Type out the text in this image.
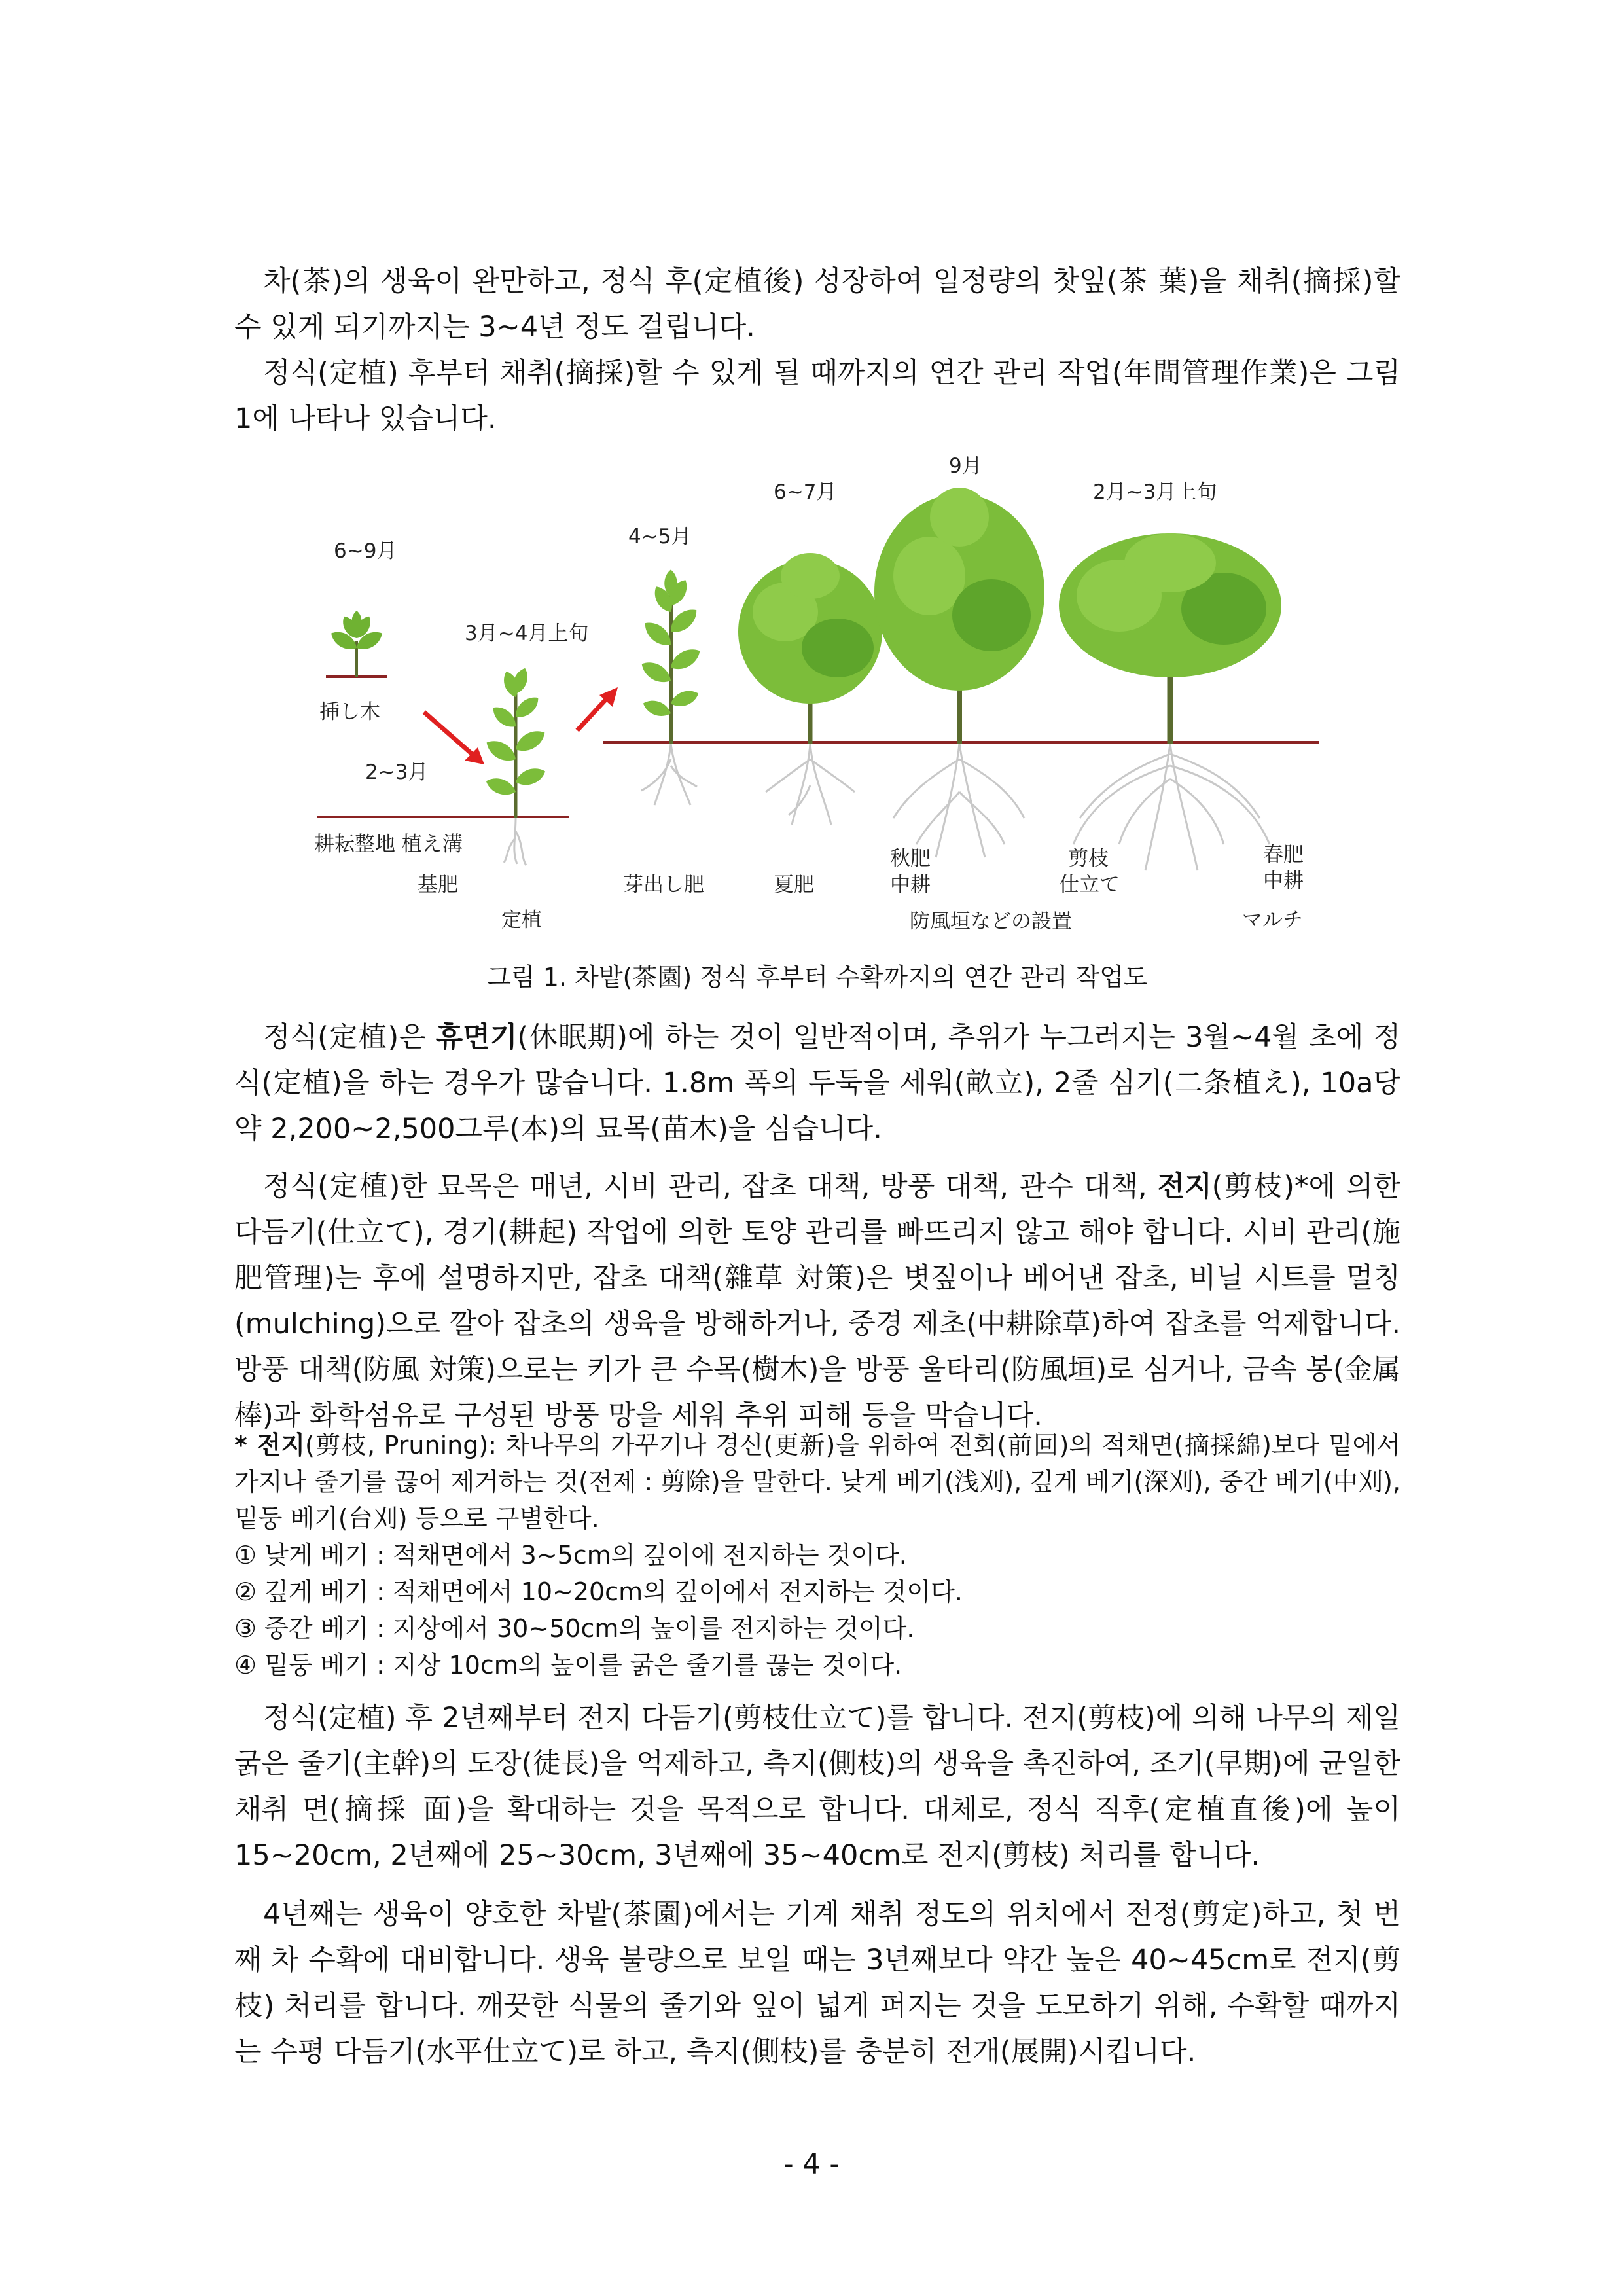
차(茶)의 생육이 완만하고, 정식 후(定植後) 성장하여 일정량의 찻잎(茶 葉)을 채취(摘採)할 수 있게 되기까지는 3~4년 정도 걸립니다.

정식(定植) 후부터 채취(摘採)할 수 있게 될 때까지의 연간 관리 작업(年間管理作業)은 그림 1에 나타나 있습니다.

6~9月
挿し木
2~3月
耕耘整地 植え溝
基肥
3月~4月上旬
定植
4~5月
芽出し肥
6~7月
夏肥
9月
秋肥
中耕
防風垣などの設置
2月~3月上旬
剪枝
仕立て
春肥
中耕
マルチ

그림 1. 차밭(茶園) 정식 후부터 수확까지의 연간 관리 작업도

정식(定植)은 휴면기(休眠期)에 하는 것이 일반적이며, 추위가 누그러지는 3월~4월 초에 정식(定植)을 하는 경우가 많습니다. 1.8m 폭의 두둑을 세워(畝立), 2줄 심기(二条植え), 10a당 약 2,200~2,500그루(本)의 묘목(苗木)을 심습니다.

정식(定植)한 묘목은 매년, 시비 관리, 잡초 대책, 방풍 대책, 관수 대책, 전지(剪枝)*에 의한 다듬기(仕立て), 경기(耕起) 작업에 의한 토양 관리를 빠뜨리지 않고 해야 합니다. 시비 관리(施肥管理)는 후에 설명하지만, 잡초 대책(雜草 対策)은 볏짚이나 베어낸 잡초, 비닐 시트를 멀칭(mulching)으로 깔아 잡초의 생육을 방해하거나, 중경 제초(中耕除草)하여 잡초를 억제합니다. 방풍 대책(防風 対策)으로는 키가 큰 수목(樹木)을 방풍 울타리(防風垣)로 심거나, 금속 봉(金属 棒)과 화학섬유로 구성된 방풍 망을 세워 추위 피해 등을 막습니다.

* 전지(剪枝, Pruning): 차나무의 가꾸기나 경신(更新)을 위하여 전회(前回)의 적채면(摘採綿)보다 밑에서 가지나 줄기를 끊어 제거하는 것(전제 : 剪除)을 말한다. 낮게 베기(浅刈), 깊게 베기(深刈), 중간 베기(中刈), 밑둥 베기(台刈) 등으로 구별한다.

① 낮게 베기 : 적채면에서 3~5cm의 깊이에 전지하는 것이다.

② 깊게 베기 : 적채면에서 10~20cm의 깊이에서 전지하는 것이다.

③ 중간 베기 : 지상에서 30~50cm의 높이를 전지하는 것이다.

④ 밑둥 베기 : 지상 10cm의 높이를 굵은 줄기를 끊는 것이다.

정식(定植) 후 2년째부터 전지 다듬기(剪枝仕立て)를 합니다. 전지(剪枝)에 의해 나무의 제일 굵은 줄기(主幹)의 도장(徒長)을 억제하고, 측지(側枝)의 생육을 촉진하여, 조기(早期)에 균일한 채취 면(摘採 面)을 확대하는 것을 목적으로 합니다. 대체로, 정식 직후(定植直後)에 높이 15~20cm, 2년째에 25~30cm, 3년째에 35~40cm로 전지(剪枝) 처리를 합니다.

4년째는 생육이 양호한 차밭(茶園)에서는 기계 채취 정도의 위치에서 전정(剪定)하고, 첫 번째 차 수확에 대비합니다. 생육 불량으로 보일 때는 3년째보다 약간 높은 40~45cm로 전지(剪枝) 처리를 합니다. 깨끗한 식물의 줄기와 잎이 넓게 퍼지는 것을 도모하기 위해, 수확할 때까지는 수평 다듬기(水平仕立て)로 하고, 측지(側枝)를 충분히 전개(展開)시킵니다.

- 4 -
